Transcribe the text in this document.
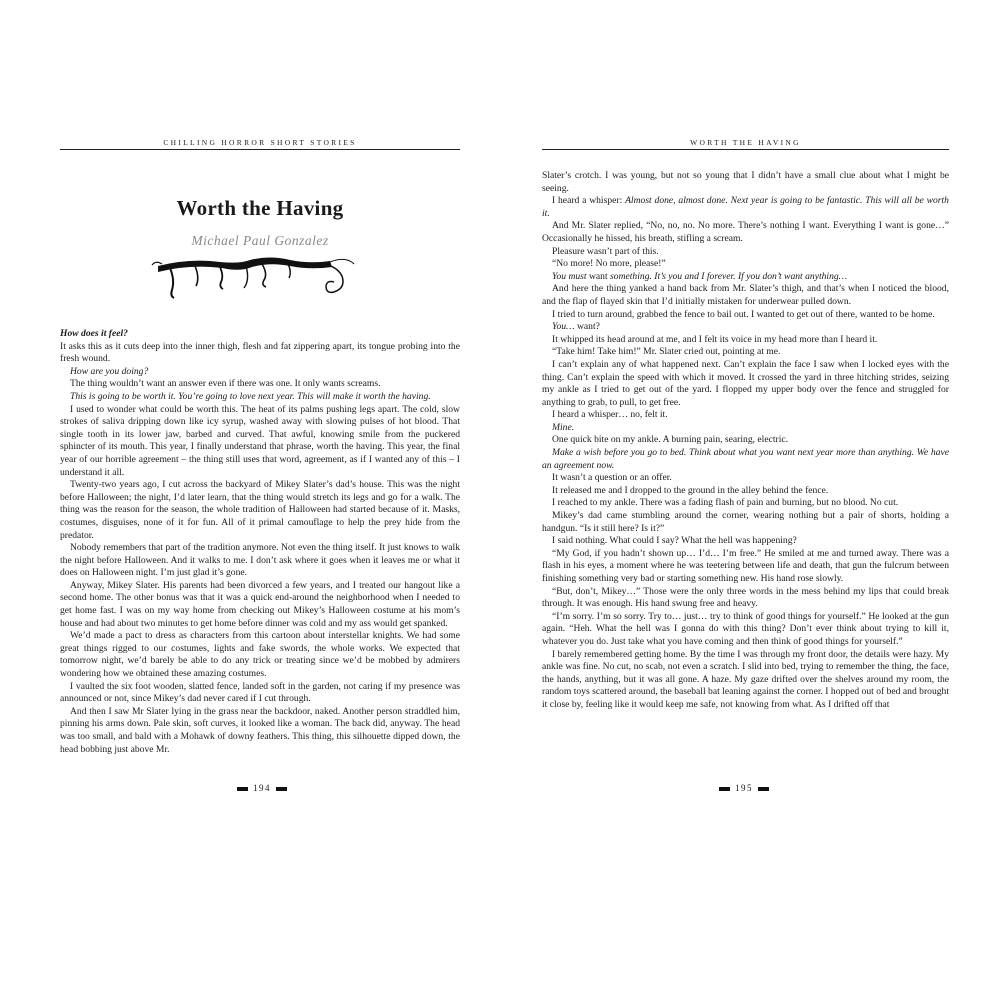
CHILLING HORROR SHORT STORIES
Worth the Having
Michael Paul Gonzalez

How does it feel?

It asks this as it cuts deep into the inner thigh, flesh and fat zippering apart, its tongue probing into the fresh wound.

How are you doing?

The thing wouldn’t want an answer even if there was one. It only wants screams.

This is going to be worth it. You’re going to love next year. This will make it worth the having.

I used to wonder what could be worth this. The heat of its palms pushing legs apart. The cold, slow strokes of saliva dripping down like icy syrup, washed away with slowing pulses of hot blood. That single tooth in its lower jaw, barbed and curved. That awful, knowing smile from the puckered sphincter of its mouth. This year, I finally understand that phrase, worth the having. This year, the final year of our horrible agreement – the thing still uses that word, agreement, as if I wanted any of this – I understand it all.

Twenty-two years ago, I cut across the backyard of Mikey Slater’s dad’s house. This was the night before Halloween; the night, I’d later learn, that the thing would stretch its legs and go for a walk. The thing was the reason for the season, the whole tradition of Halloween had started because of it. Masks, costumes, disguises, none of it for fun. All of it primal camouflage to help the prey hide from the predator.

Nobody remembers that part of the tradition anymore. Not even the thing itself. It just knows to walk the night before Halloween. And it walks to me. I don’t ask where it goes when it leaves me or what it does on Halloween night. I’m just glad it’s gone.

Anyway, Mikey Slater. His parents had been divorced a few years, and I treated our hangout like a second home. The other bonus was that it was a quick end-around the neighborhood when I needed to get home fast. I was on my way home from checking out Mikey’s Halloween costume at his mom’s house and had about two minutes to get home before dinner was cold and my ass would get spanked.

We’d made a pact to dress as characters from this cartoon about interstellar knights. We had some great things rigged to our costumes, lights and fake swords, the whole works. We expected that tomorrow night, we’d barely be able to do any trick or treating since we’d be mobbed by admirers wondering how we obtained these amazing costumes.

I vaulted the six foot wooden, slatted fence, landed soft in the garden, not caring if my presence was announced or not, since Mikey’s dad never cared if I cut through.

And then I saw Mr Slater lying in the grass near the backdoor, naked. Another person straddled him, pinning his arms down. Pale skin, soft curves, it looked like a woman. The back did, anyway. The head was too small, and bald with a Mohawk of downy feathers. This thing, this silhouette dipped down, the head bobbing just above Mr.

194
WORTH THE HAVING

Slater’s crotch. I was young, but not so young that I didn’t have a small clue about what I might be seeing.

I heard a whisper: Almost done, almost done. Next year is going to be fantastic. This will all be worth it.

And Mr. Slater replied, “No, no, no. No more. There’s nothing I want. Everything I want is gone…” Occasionally he hissed, his breath, stifling a scream.

Pleasure wasn’t part of this.

“No more! No more, please!”

You must want something. It’s you and I forever. If you don’t want anything…

And here the thing yanked a hand back from Mr. Slater’s thigh, and that’s when I noticed the blood, and the flap of flayed skin that I’d initially mistaken for underwear pulled down.

I tried to turn around, grabbed the fence to bail out. I wanted to get out of there, wanted to be home.

You… want?

It whipped its head around at me, and I felt its voice in my head more than I heard it.

“Take him! Take him!” Mr. Slater cried out, pointing at me.

I can’t explain any of what happened next. Can’t explain the face I saw when I locked eyes with the thing. Can’t explain the speed with which it moved. It crossed the yard in three hitching strides, seizing my ankle as I tried to get out of the yard. I flopped my upper body over the fence and struggled for anything to grab, to pull, to get free.

I heard a whisper… no, felt it.

Mine.

One quick bite on my ankle. A burning pain, searing, electric.

Make a wish before you go to bed. Think about what you want next year more than anything. We have an agreement now.

It wasn’t a question or an offer.

It released me and I dropped to the ground in the alley behind the fence.

I reached to my ankle. There was a fading flash of pain and burning, but no blood. No cut.

Mikey’s dad came stumbling around the corner, wearing nothing but a pair of shorts, holding a handgun. “Is it still here? Is it?”

I said nothing. What could I say? What the hell was happening?

“My God, if you hadn’t shown up… I’d… I’m free.” He smiled at me and turned away. There was a flash in his eyes, a moment where he was teetering between life and death, that gun the fulcrum between finishing something very bad or starting something new. His hand rose slowly.

“But, don’t, Mikey…” Those were the only three words in the mess behind my lips that could break through. It was enough. His hand swung free and heavy.

“I’m sorry. I’m so sorry. Try to… just… try to think of good things for yourself.” He looked at the gun again. “Heh. What the hell was I gonna do with this thing? Don’t ever think about trying to kill it, whatever you do. Just take what you have coming and then think of good things for yourself.”

I barely remembered getting home. By the time I was through my front door, the details were hazy. My ankle was fine. No cut, no scab, not even a scratch. I slid into bed, trying to remember the thing, the face, the hands, anything, but it was all gone. A haze. My gaze drifted over the shelves around my room, the random toys scattered around, the baseball bat leaning against the corner. I hopped out of bed and brought it close by, feeling like it would keep me safe, not knowing from what. As I drifted off that

195
